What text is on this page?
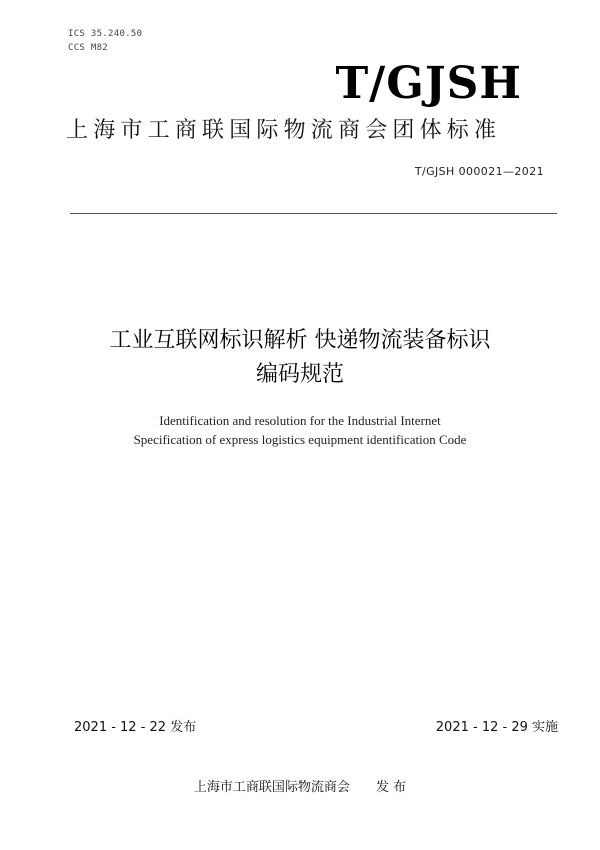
ICS 35.240.50
CCS M82
T/GJSH
上海市工商联国际物流商会团体标准
T/GJSH 000021—2021
工业互联网标识解析 快递物流装备标识
编码规范
Identification and resolution for the Industrial Internet
Specification of express logistics equipment identification Code
2021 - 12 - 22 发布	2021 - 12 - 29 实施
上海市工商联国际物流商会 发 布
